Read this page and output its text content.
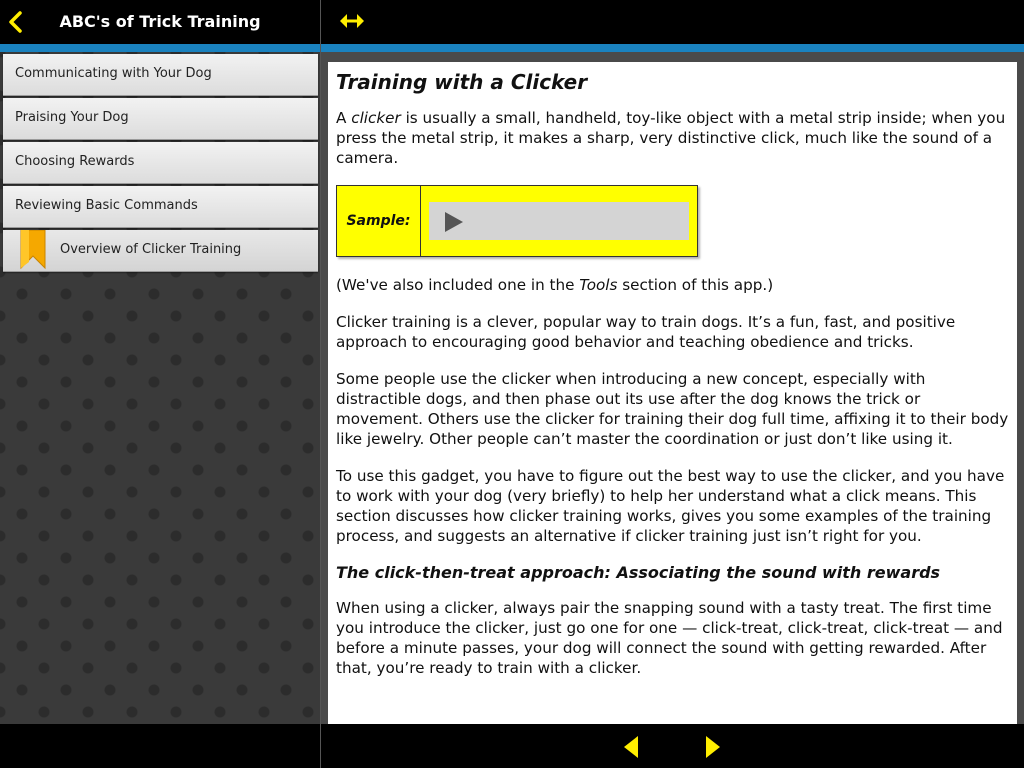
ABC's of Trick Training
Communicating with Your Dog
Praising Your Dog
Choosing Rewards
Reviewing Basic Commands
Overview of Clicker Training
Training with a Clicker

A clicker is usually a small, handheld, toy-like object with a metal strip inside; when you press the metal strip, it makes a sharp, very distinctive click, much like the sound of a camera.

Sample:

(We've also included one in the Tools section of this app.)

Clicker training is a clever, popular way to train dogs. It’s a fun, fast, and positive approach to encouraging good behavior and teaching obedience and tricks.

Some people use the clicker when introducing a new concept, especially with distractible dogs, and then phase out its use after the dog knows the trick or movement. Others use the clicker for training their dog full time, affixing it to their body like jewelry. Other people can’t master the coordination or just don’t like using it.

To use this gadget, you have to figure out the best way to use the clicker, and you have to work with your dog (very briefly) to help her understand what a click means. This section discusses how clicker training works, gives you some examples of the training process, and suggests an alternative if clicker training just isn’t right for you.

The click-then-treat approach: Associating the sound with rewards

When using a clicker, always pair the snapping sound with a tasty treat. The first time you introduce the clicker, just go one for one — click-treat, click-treat, click-treat — and before a minute passes, your dog will connect the sound with getting rewarded. After that, you’re ready to train with a clicker.
